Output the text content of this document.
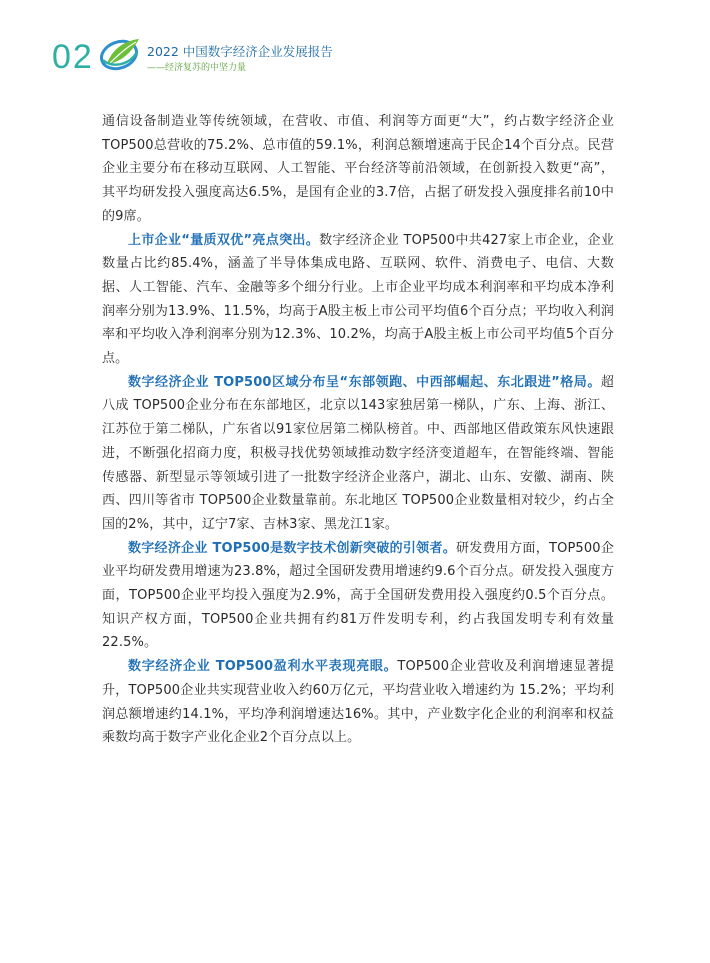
02	2022 中国数字经济企业发展报告
——经济复苏的中坚力量

通信设备制造业等传统领域，在营收、市值、利润等方面更“大”，约占数字经济企业 TOP500总营收的75.2%、总市值的59.1%，利润总额增速高于民企14个百分点。民营企业主要分布在移动互联网、人工智能、平台经济等前沿领域，在创新投入数更“高”，其平均研发投入强度高达6.5%，是国有企业的3.7倍，占据了研发投入强度排名前10中的9席。

上市企业“量质双优”亮点突出。数字经济企业 TOP500中共427家上市企业，企业数量占比约85.4%，涵盖了半导体集成电路、互联网、软件、消费电子、电信、大数据、人工智能、汽车、金融等多个细分行业。上市企业平均成本利润率和平均成本净利润率分别为13.9%、11.5%，均高于A股主板上市公司平均值6个百分点；平均收入利润率和平均收入净利润率分别为12.3%、10.2%，均高于A股主板上市公司平均值5个百分点。

数字经济企业 TOP500区域分布呈“东部领跑、中西部崛起、东北跟进”格局。超八成 TOP500企业分布在东部地区，北京以143家独居第一梯队，广东、上海、浙江、江苏位于第二梯队，广东省以91家位居第二梯队榜首。中、西部地区借政策东风快速跟进，不断强化招商力度，积极寻找优势领域推动数字经济变道超车，在智能终端、智能传感器、新型显示等领域引进了一批数字经济企业落户，湖北、山东、安徽、湖南、陕西、四川等省市 TOP500企业数量靠前。东北地区 TOP500企业数量相对较少，约占全国的2%，其中，辽宁7家、吉林3家、黑龙江1家。

数字经济企业 TOP500是数字技术创新突破的引领者。研发费用方面，TOP500企业平均研发费用增速为23.8%，超过全国研发费用增速约9.6个百分点。研发投入强度方面，TOP500企业平均投入强度为2.9%，高于全国研发费用投入强度约0.5个百分点。知识产权方面，TOP500企业共拥有约81万件发明专利，约占我国发明专利有效量22.5%。

数字经济企业 TOP500盈利水平表现亮眼。TOP500企业营收及利润增速显著提升，TOP500企业共实现营业收入约60万亿元，平均营业收入增速约为 15.2%；平均利润总额增速约14.1%，平均净利润增速达16%。其中，产业数字化企业的利润率和权益乘数均高于数字产业化企业2个百分点以上。
